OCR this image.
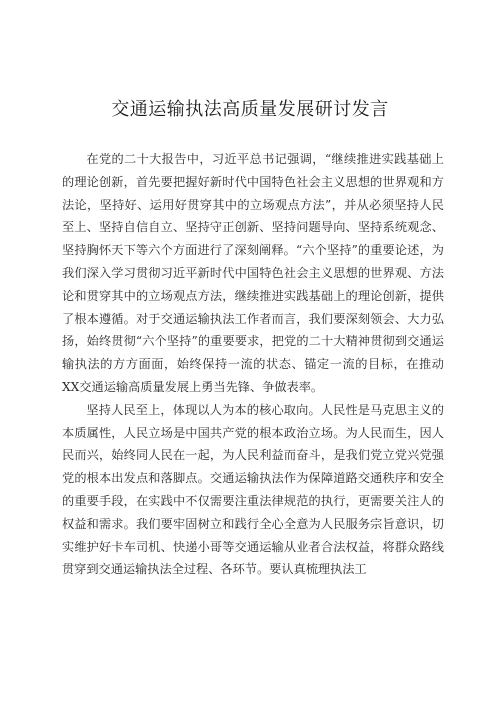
交通运输执法高质量发展研讨发言

在党的二十大报告中，习近平总书记强调，“继续推进实践基础上的理论创新，首先要把握好新时代中国特色社会主义思想的世界观和方法论，坚持好、运用好贯穿其中的立场观点方法”，并从必须坚持人民至上、坚持自信自立、坚持守正创新、坚持问题导向、坚持系统观念、坚持胸怀天下等六个方面进行了深刻阐释。“六个坚持”的重要论述，为我们深入学习贯彻习近平新时代中国特色社会主义思想的世界观、方法论和贯穿其中的立场观点方法，继续推进实践基础上的理论创新，提供了根本遵循。对于交通运输执法工作者而言，我们要深刻领会、大力弘扬，始终贯彻“六个坚持”的重要要求，把党的二十大精神贯彻到交通运输执法的方方面面，始终保持一流的状态、锚定一流的目标，在推动XX交通运输高质量发展上勇当先锋、争做表率。

坚持人民至上，体现以人为本的核心取向。人民性是马克思主义的本质属性，人民立场是中国共产党的根本政治立场。为人民而生，因人民而兴，始终同人民在一起，为人民利益而奋斗，是我们党立党兴党强党的根本出发点和落脚点。交通运输执法作为保障道路交通秩序和安全的重要手段，在实践中不仅需要注重法律规范的执行，更需要关注人的权益和需求。我们要牢固树立和践行全心全意为人民服务宗旨意识，切实维护好卡车司机、快递小哥等交通运输从业者合法权益，将群众路线贯穿到交通运输执法全过程、各环节。要认真梳理执法工
